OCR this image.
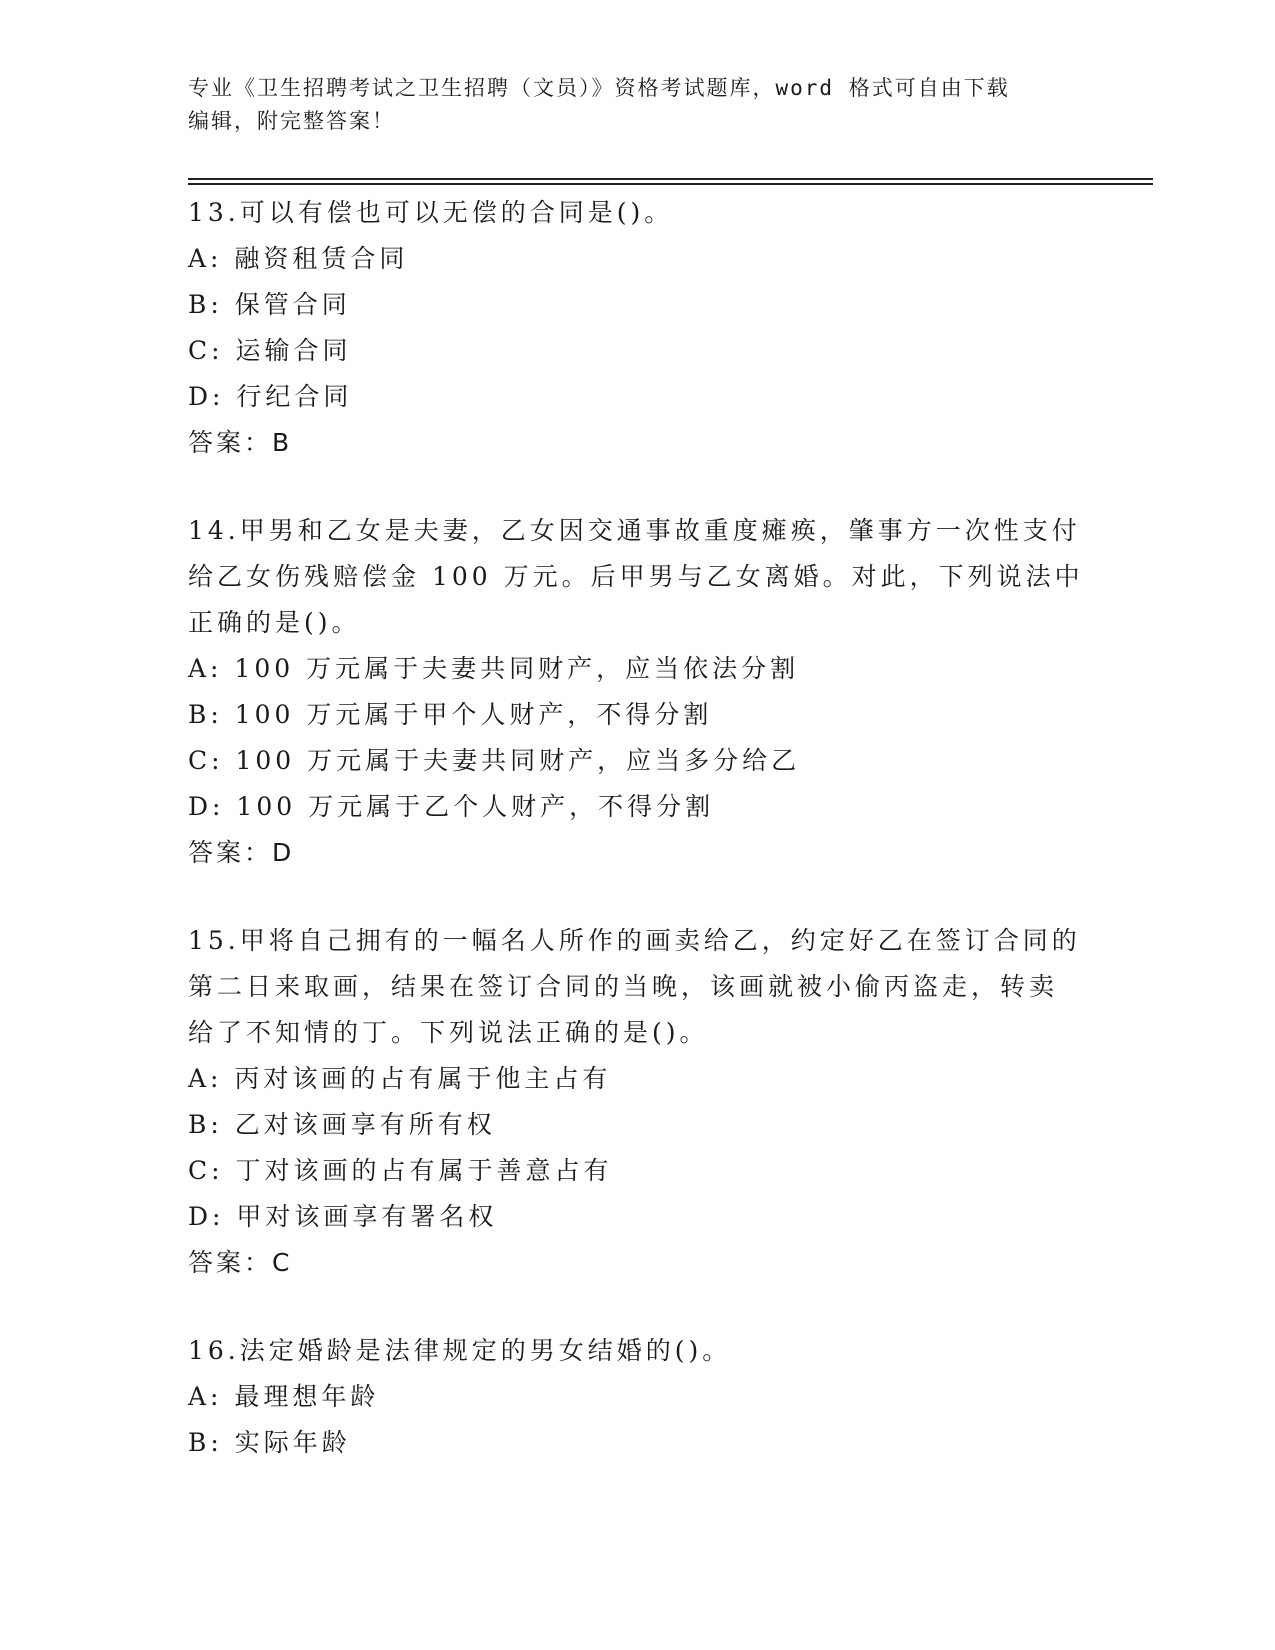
专业《卫生招聘考试之卫生招聘（文员）》资格考试题库，word 格式可自由下载
编辑，附完整答案！
13.可以有偿也可以无偿的合同是()。
A: 融资租赁合同
B: 保管合同
C: 运输合同
D: 行纪合同
答案：B
14.甲男和乙女是夫妻，乙女因交通事故重度瘫痪，肇事方一次性支付
给乙女伤残赔偿金 100 万元。后甲男与乙女离婚。对此，下列说法中
正确的是()。
A: 100 万元属于夫妻共同财产，应当依法分割
B: 100 万元属于甲个人财产，不得分割
C: 100 万元属于夫妻共同财产，应当多分给乙
D: 100 万元属于乙个人财产，不得分割
答案：D
15.甲将自己拥有的一幅名人所作的画卖给乙，约定好乙在签订合同的
第二日来取画，结果在签订合同的当晚，该画就被小偷丙盗走，转卖
给了不知情的丁。下列说法正确的是()。
A: 丙对该画的占有属于他主占有
B: 乙对该画享有所有权
C: 丁对该画的占有属于善意占有
D: 甲对该画享有署名权
答案：C
16.法定婚龄是法律规定的男女结婚的()。
A: 最理想年龄
B: 实际年龄
